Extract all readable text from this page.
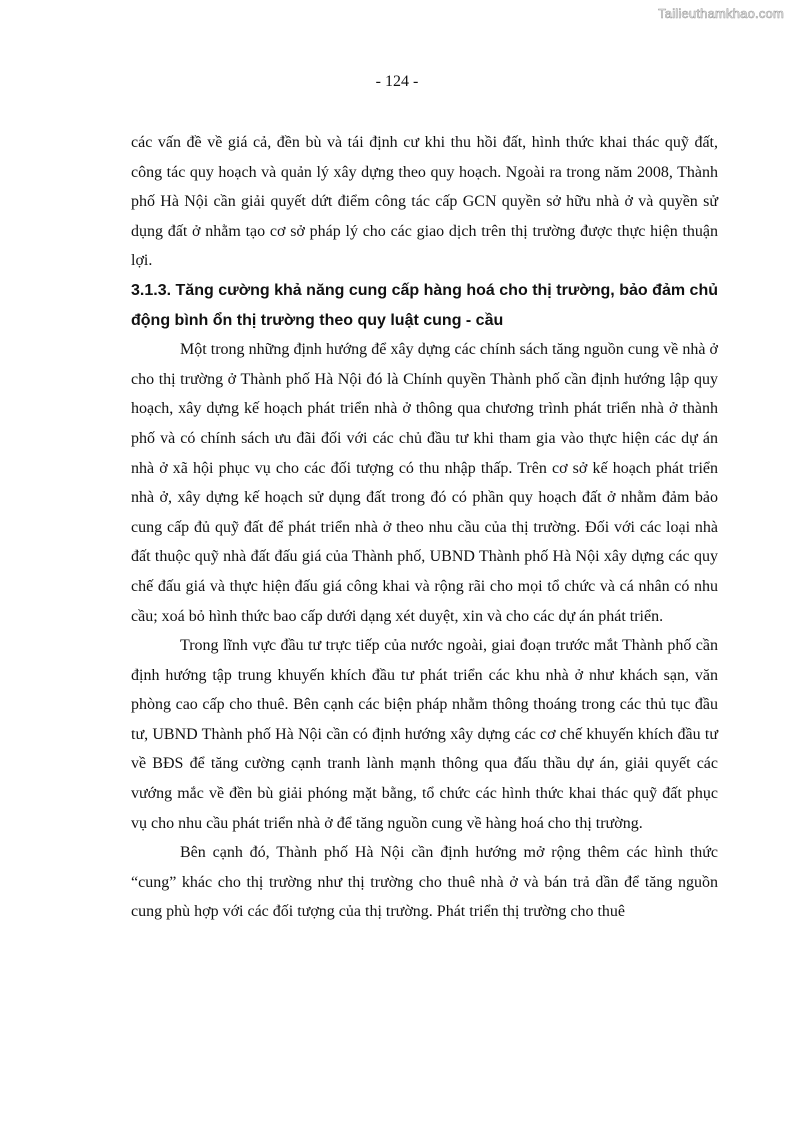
Tailieuthamkhao.com
- 124 -

các vấn đề về giá cả, đền bù và tái định cư khi thu hồi đất, hình thức khai thác quỹ đất, công tác quy hoạch và quản lý xây dựng theo quy hoạch. Ngoài ra trong năm 2008, Thành phố Hà Nội cần giải quyết dứt điểm công tác cấp GCN quyền sở hữu nhà ở và quyền sử dụng đất ở nhằm tạo cơ sở pháp lý cho các giao dịch trên thị trường được thực hiện thuận lợi.

3.1.3. Tăng cường khả năng cung cấp hàng hoá cho thị trường, bảo đảm chủ động bình ổn thị trường theo quy luật cung - cầu

Một trong những định hướng để xây dựng các chính sách tăng nguồn cung về nhà ở cho thị trường ở Thành phố Hà Nội đó là Chính quyền Thành phố cần định hướng lập quy hoạch, xây dựng kế hoạch phát triển nhà ở thông qua chương trình phát triển nhà ở thành phố và có chính sách ưu đãi đối với các chủ đầu tư khi tham gia vào thực hiện các dự án nhà ở xã hội phục vụ cho các đối tượng có thu nhập thấp. Trên cơ sở kế hoạch phát triển nhà ở, xây dựng kế hoạch sử dụng đất trong đó có phần quy hoạch đất ở nhằm đảm bảo cung cấp đủ quỹ đất để phát triển nhà ở theo nhu cầu của thị trường. Đối với các loại nhà đất thuộc quỹ nhà đất đấu giá của Thành phố, UBND Thành phố Hà Nội xây dựng các quy chế đấu giá và thực hiện đấu giá công khai và rộng rãi cho mọi tổ chức và cá nhân có nhu cầu; xoá bỏ hình thức bao cấp dưới dạng xét duyệt, xin và cho các dự án phát triển.

Trong lĩnh vực đầu tư trực tiếp của nước ngoài, giai đoạn trước mắt Thành phố cần định hướng tập trung khuyến khích đầu tư phát triển các khu nhà ở như khách sạn, văn phòng cao cấp cho thuê. Bên cạnh các biện pháp nhằm thông thoáng trong các thủ tục đầu tư, UBND Thành phố Hà Nội cần có định hướng xây dựng các cơ chế khuyến khích đầu tư về BĐS để tăng cường cạnh tranh lành mạnh thông qua đấu thầu dự án, giải quyết các vướng mắc về đền bù giải phóng mặt bằng, tổ chức các hình thức khai thác quỹ đất phục vụ cho nhu cầu phát triển nhà ở để tăng nguồn cung về hàng hoá cho thị trường.

Bên cạnh đó, Thành phố Hà Nội cần định hướng mở rộng thêm các hình thức “cung” khác cho thị trường như thị trường cho thuê nhà ở và bán trả dần để tăng nguồn cung phù hợp với các đối tượng của thị trường. Phát triển thị trường cho thuê
